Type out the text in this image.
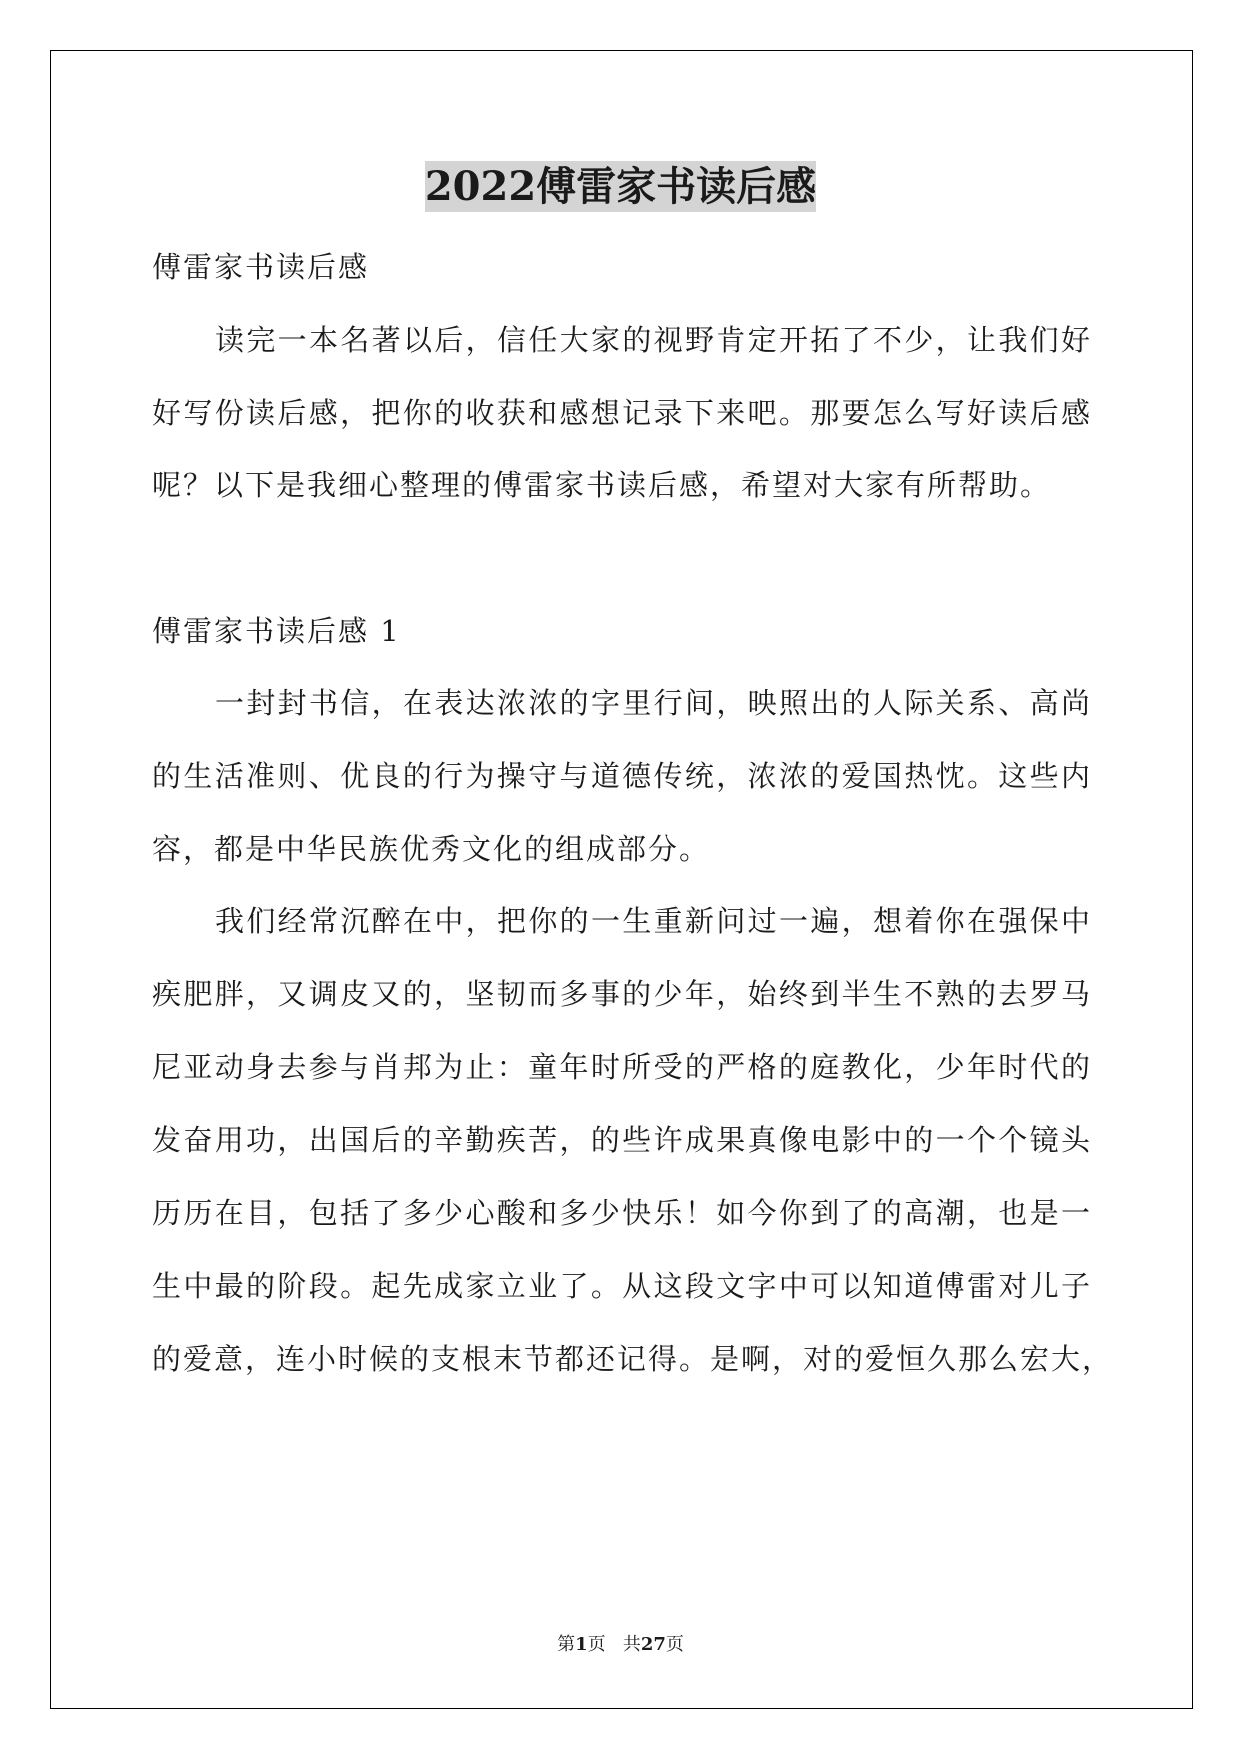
2022傅雷家书读后感
傅雷家书读后感
读完一本名著以后，信任大家的视野肯定开拓了不少，让我们好
好写份读后感，把你的收获和感想记录下来吧。那要怎么写好读后感
呢？以下是我细心整理的傅雷家书读后感，希望对大家有所帮助。
傅雷家书读后感 1
一封封书信，在表达浓浓的字里行间，映照出的人际关系、高尚
的生活准则、优良的行为操守与道德传统，浓浓的爱国热忱。这些内
容，都是中华民族优秀文化的组成部分。
我们经常沉醉在中，把你的一生重新问过一遍，想着你在强保中
疾肥胖，又调皮又的，坚韧而多事的少年，始终到半生不熟的去罗马
尼亚动身去参与肖邦为止：童年时所受的严格的庭教化，少年时代的
发奋用功，出国后的辛勤疾苦，的些许成果真像电影中的一个个镜头
历历在目，包括了多少心酸和多少快乐！如今你到了的高潮，也是一
生中最的阶段。起先成家立业了。从这段文字中可以知道傅雷对儿子
的爱意，连小时候的支根末节都还记得。是啊，对的爱恒久那么宏大，
第1页 共27页
